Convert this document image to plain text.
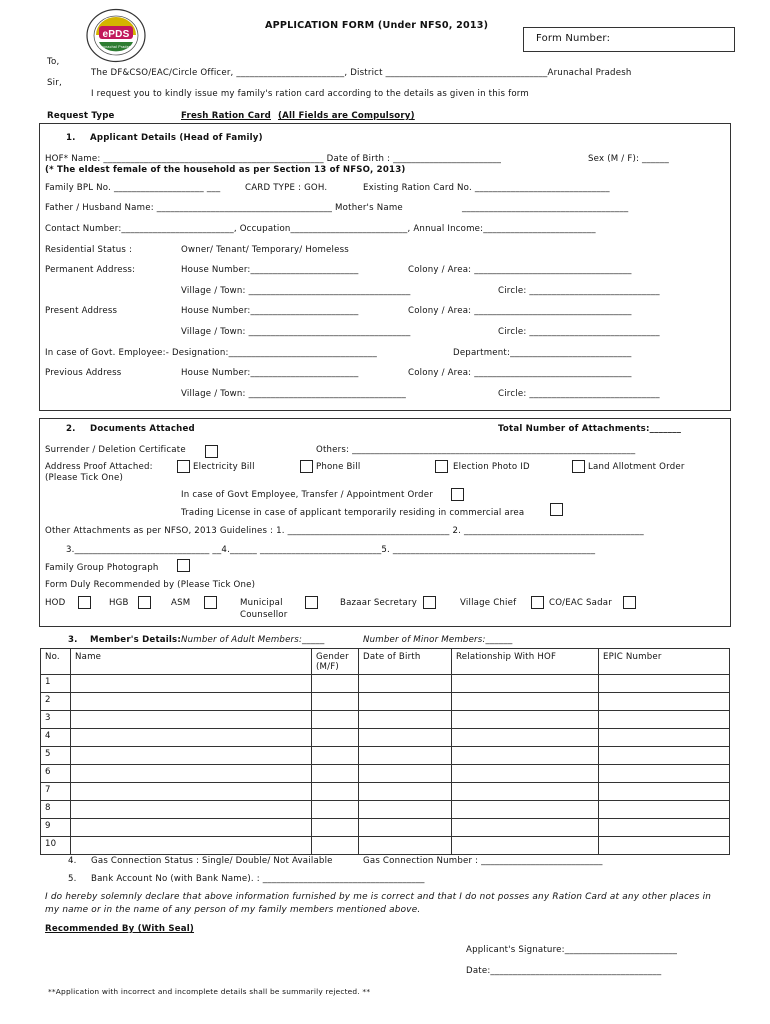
ePDS
Arunachal Pradesh
APPLICATION FORM (Under NFS0, 2013)
Form Number:
To,
The DF&CSO/EAC/Circle Officer, ________________________, District ____________________________________Arunachal Pradesh
Sir,
I request you to kindly issue my family's ration card according to the details as given in this form
Request Type	Fresh Ration Card (All Fields are Compulsory)
1. Applicant Details (Head of Family)
HOF* Name: _________________________________________________ Date of Birth : ________________________	Sex (M / F): ______
(* The eldest female of the household as per Section 13 of NFSO, 2013)
Family BPL No. ____________________ ___	CARD TYPE : GOH.	Existing Ration Card No. ______________________________
Father / Husband Name: _______________________________________ Mother's Name	_____________________________________
Contact Number:_________________________, Occupation__________________________, Annual Income:_________________________
Residential Status :	Owner/ Tenant/ Temporary/ Homeless
Permanent Address:	House Number:________________________	Colony / Area: ___________________________________
Village / Town: ____________________________________	Circle: _____________________________
Present Address	House Number:________________________	Colony / Area: ___________________________________
Village / Town: ____________________________________	Circle: _____________________________
In case of Govt. Employee:- Designation:_________________________________	Department:___________________________
Previous Address	House Number:________________________	Colony / Area: ___________________________________
Village / Town: ___________________________________	Circle: _____________________________
2. Documents Attached	Total Number of Attachments:_______
Surrender / Deletion Certificate	Others: _______________________________________________________________
Address Proof Attached:
(Please Tick One)
Electricity Bill	Phone Bill	Election Photo ID	Land Allotment Order
In case of Govt Employee, Transfer / Appointment Order
Trading License in case of applicant temporarily residing in commercial area
Other Attachments as per NFSO, 2013 Guidelines : 1. ____________________________________ 2. ________________________________________
3.______________________________ __4.______ ___________________________5. _____________________________________________
Family Group Photograph
Form Duly Recommended by (Please Tick One)
HOD	HGB	ASM	Municipal
Counsellor
Bazaar Secretary	Village Chief	CO/EAC Sadar
3. Member's Details: Number of Adult Members:_____	Number of Minor Members:______
No.	Name	Gender (M/F)	Date of Birth	Relationship With HOF	EPIC Number
1					
2					
3					
4					
5					
6					
7					
8					
9					
10					
4. Gas Connection Status : Single/ Double/ Not Available	Gas Connection Number : ___________________________
5. Bank Account No (with Bank Name). : ____________________________________
I do hereby solemnly declare that above information furnished by me is correct and that I do not posses any Ration Card at any other places in my name or in the name of any person of my family members mentioned above.
Recommended By (With Seal)
Applicant's Signature:_________________________
Date:______________________________________
**Application with incorrect and incomplete details shall be summarily rejected. **
